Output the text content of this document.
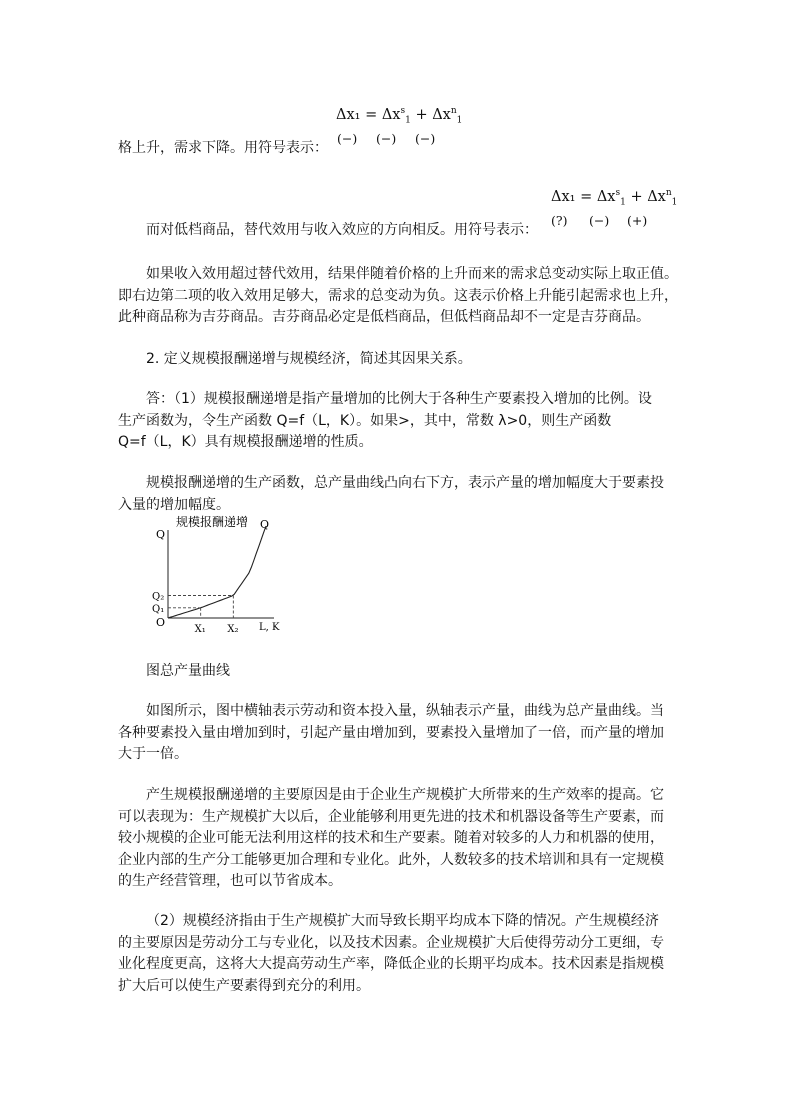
$\Delta x_1 = \Delta x^s_1 + \Delta x^n_1$
(−) (−) (−)
格上升，需求下降。用符号表示：
$\Delta x_1 = \Delta x^s_1 + \Delta x^n_1$
(?) (−) (+)
而对低档商品，替代效用与收入效应的方向相反。用符号表示：
如果收入效用超过替代效用，结果伴随着价格的上升而来的需求总变动实际上取正值。
即右边第二项的收入效用足够大，需求的总变动为负。这表示价格上升能引起需求也上升，
此种商品称为吉芬商品。吉芬商品必定是低档商品，但低档商品却不一定是吉芬商品。
2. 定义规模报酬递增与规模经济，简述其因果关系。
答：（1）规模报酬递增是指产量增加的比例大于各种生产要素投入增加的比例。设
生产函数为，令生产函数 Q=f（L，K）。如果>，其中，常数 λ>0，则生产函数
Q=f（L，K）具有规模报酬递增的性质。
规模报酬递增的生产函数，总产量曲线凸向右下方，表示产量的增加幅度大于要素投
入量的增加幅度。
规模报酬递增
Q
Q
O
Q₁
Q₂
X₁ X₂ L, K
图总产量曲线
如图所示，图中横轴表示劳动和资本投入量，纵轴表示产量，曲线为总产量曲线。当
各种要素投入量由增加到时，引起产量由增加到，要素投入量增加了一倍，而产量的增加
大于一倍。
产生规模报酬递增的主要原因是由于企业生产规模扩大所带来的生产效率的提高。它
可以表现为：生产规模扩大以后，企业能够利用更先进的技术和机器设备等生产要素，而
较小规模的企业可能无法利用这样的技术和生产要素。随着对较多的人力和机器的使用，
企业内部的生产分工能够更加合理和专业化。此外，人数较多的技术培训和具有一定规模
的生产经营管理，也可以节省成本。
（2）规模经济指由于生产规模扩大而导致长期平均成本下降的情况。产生规模经济
的主要原因是劳动分工与专业化，以及技术因素。企业规模扩大后使得劳动分工更细，专
业化程度更高，这将大大提高劳动生产率，降低企业的长期平均成本。技术因素是指规模
扩大后可以使生产要素得到充分的利用。
